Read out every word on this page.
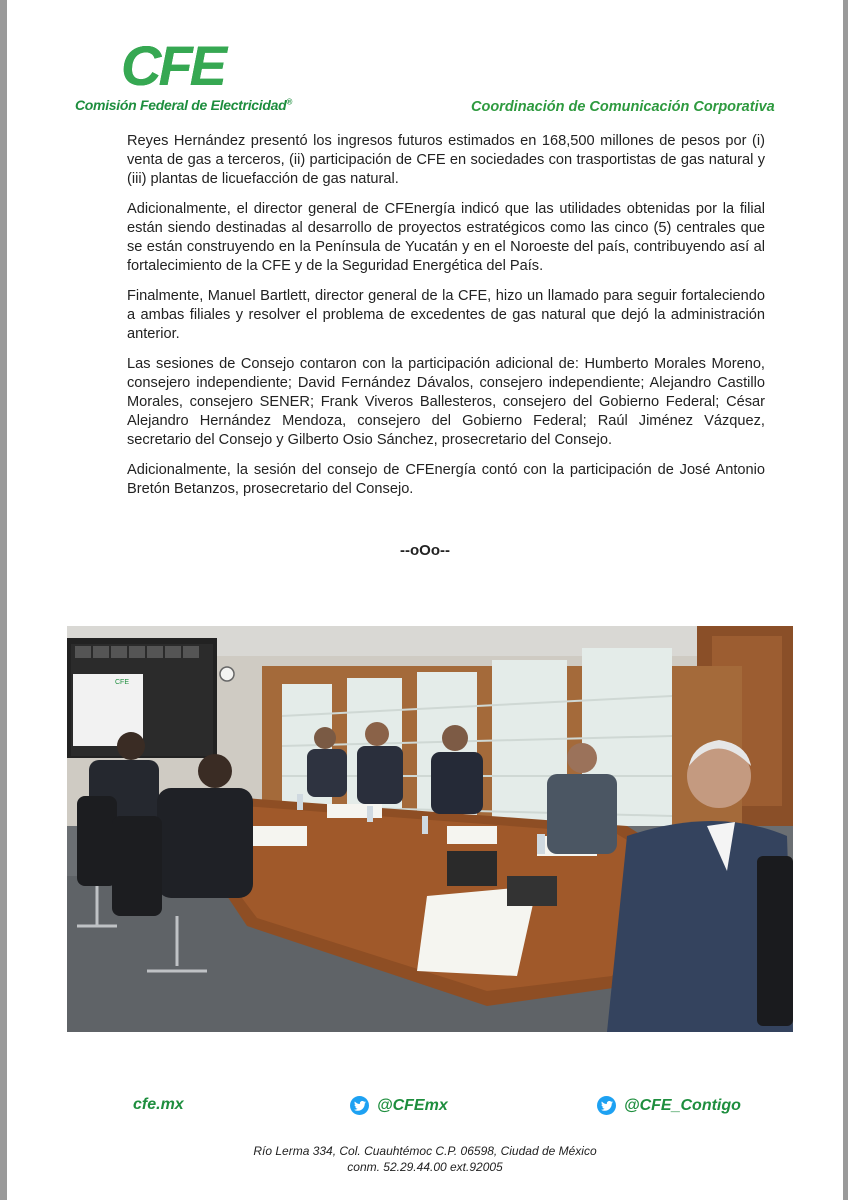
CFE
Comisión Federal de Electricidad®	Coordinación de Comunicación Corporativa

Reyes Hernández presentó los ingresos futuros estimados en 168,500 millones de pesos por (i) venta de gas a terceros, (ii) participación de CFE en sociedades con trasportistas de gas natural y (iii) plantas de licuefacción de gas natural.

Adicionalmente, el director general de CFEnergía indicó que las utilidades obtenidas por la filial están siendo destinadas al desarrollo de proyectos estratégicos como las cinco (5) centrales que se están construyendo en la Península de Yucatán y en el Noroeste del país, contribuyendo así al fortalecimiento de la CFE y de la Seguridad Energética del País.

Finalmente, Manuel Bartlett, director general de la CFE, hizo un llamado para seguir fortaleciendo a ambas filiales y resolver el problema de excedentes de gas natural que dejó la administración anterior.

Las sesiones de Consejo contaron con la participación adicional de: Humberto Morales Moreno, consejero independiente; David Fernández Dávalos, consejero independiente; Alejandro Castillo Morales, consejero SENER; Frank Viveros Ballesteros, consejero del Gobierno Federal; César Alejandro Hernández Mendoza, consejero del Gobierno Federal; Raúl Jiménez Vázquez, secretario del Consejo y Gilberto Osio Sánchez, prosecretario del Consejo.

Adicionalmente, la sesión del consejo de CFEnergía contó con la participación de José Antonio Bretón Betanzos, prosecretario del Consejo.

--oOo--
CFE
cfe.mx	@CFEmx	@CFE_Contigo
Río Lerma 334, Col. Cuauhtémoc C.P. 06598, Ciudad de México
conm. 52.29.44.00 ext.92005
